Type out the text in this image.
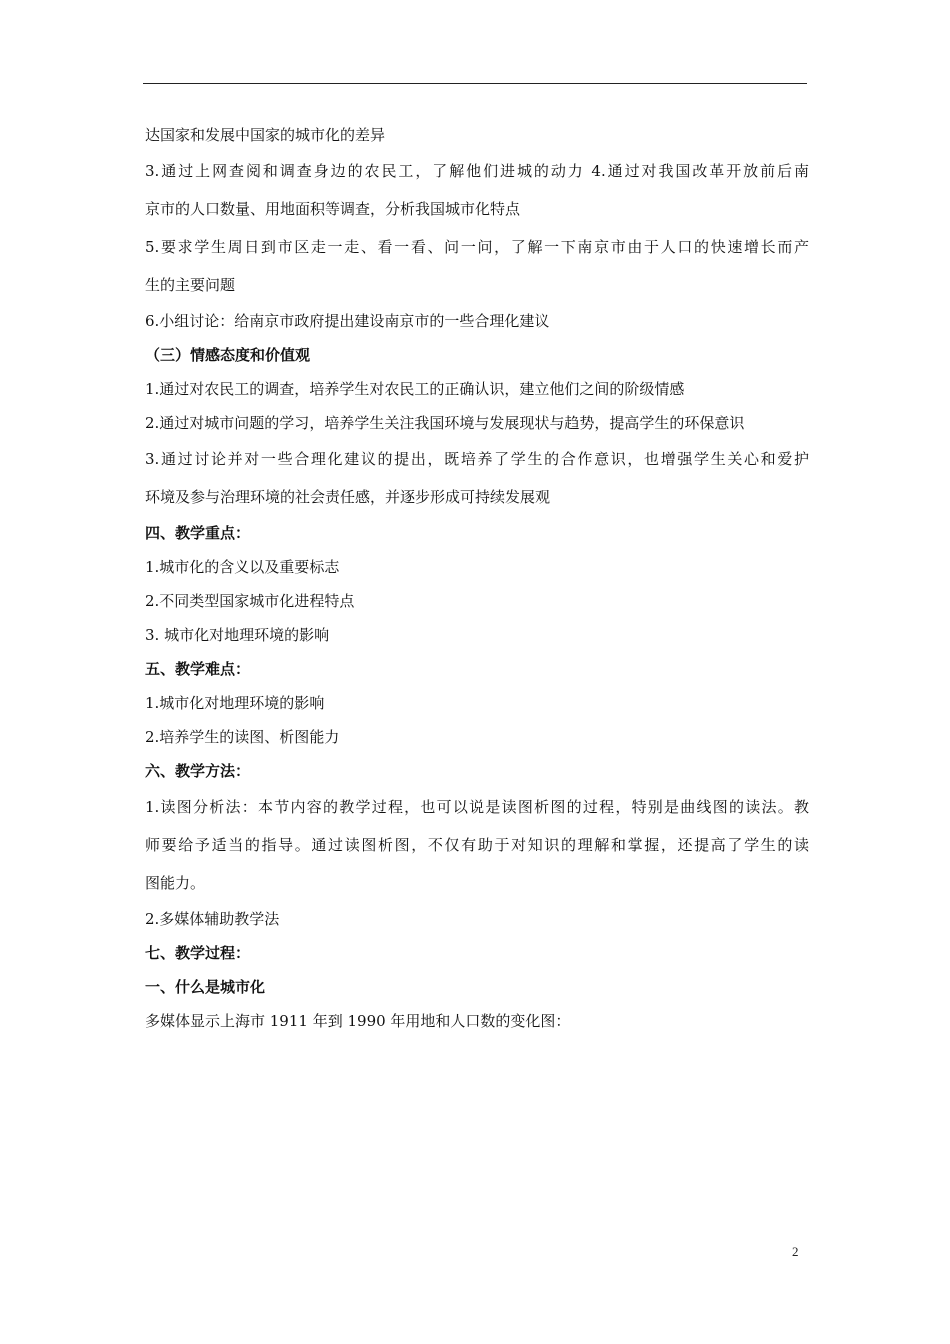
达国家和发展中国家的城市化的差异
3.通过上网查阅和调查身边的农民工，了解他们进城的动力 4.通过对我国改革开放前后南
京市的人口数量、用地面积等调查，分析我国城市化特点
5.要求学生周日到市区走一走、看一看、问一问，了解一下南京市由于人口的快速增长而产
生的主要问题
6.小组讨论：给南京市政府提出建设南京市的一些合理化建议
（三）情感态度和价值观
1.通过对农民工的调查，培养学生对农民工的正确认识，建立他们之间的阶级情感
2.通过对城市问题的学习，培养学生关注我国环境与发展现状与趋势，提高学生的环保意识
3.通过讨论并对一些合理化建议的提出，既培养了学生的合作意识，也增强学生关心和爱护
环境及参与治理环境的社会责任感，并逐步形成可持续发展观
四、教学重点：
1.城市化的含义以及重要标志
2.不同类型国家城市化进程特点
3. 城市化对地理环境的影响
五、教学难点：
1.城市化对地理环境的影响
2.培养学生的读图、析图能力
六、教学方法：
1.读图分析法：本节内容的教学过程，也可以说是读图析图的过程，特别是曲线图的读法。教
师要给予适当的指导。通过读图析图，不仅有助于对知识的理解和掌握，还提高了学生的读
图能力。
2.多媒体辅助教学法
七、教学过程：
一、什么是城市化
多媒体显示上海市 1911 年到 1990 年用地和人口数的变化图：
2
